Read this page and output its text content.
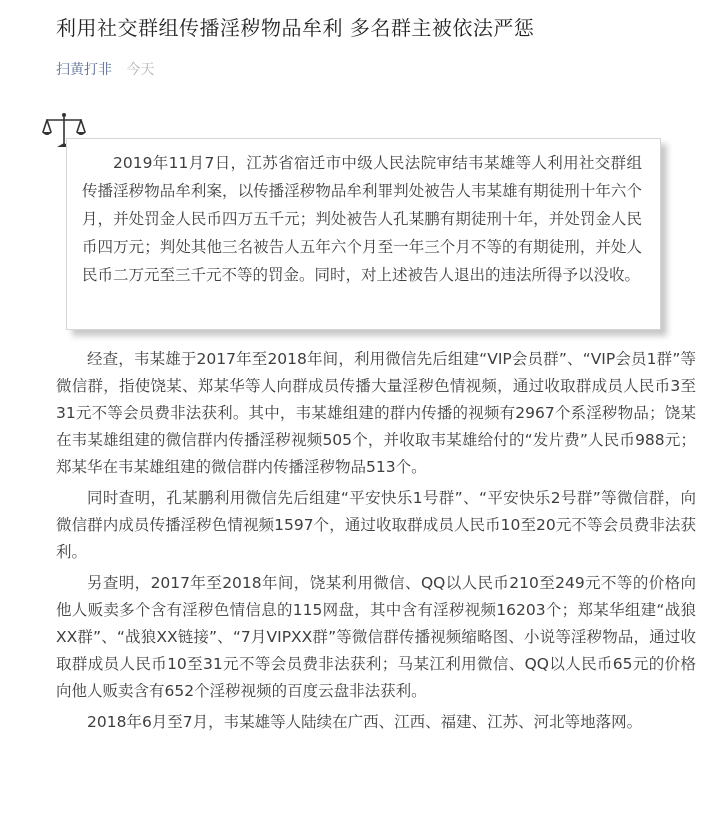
利用社交群组传播淫秽物品牟利 多名群主被依法严惩
扫黄打非 今天

2019年11月7日，江苏省宿迁市中级人民法院审结韦某雄等人利用社交群组传播淫秽物品牟利案，以传播淫秽物品牟利罪判处被告人韦某雄有期徒刑十年六个月，并处罚金人民币四万五千元；判处被告人孔某鹏有期徒刑十年，并处罚金人民币四万元；判处其他三名被告人五年六个月至一年三个月不等的有期徒刑，并处人民币二万元至三千元不等的罚金。同时，对上述被告人退出的违法所得予以没收。

经查，韦某雄于2017年至2018年间，利用微信先后组建“VIP会员群”、“VIP会员1群”等微信群，指使饶某、郑某华等人向群成员传播大量淫秽色情视频，通过收取群成员人民币3至31元不等会员费非法获利。其中，韦某雄组建的群内传播的视频有2967个系淫秽物品；饶某在韦某雄组建的微信群内传播淫秽视频505个，并收取韦某雄给付的“发片费”人民币988元；郑某华在韦某雄组建的微信群内传播淫秽物品513个。

同时查明，孔某鹏利用微信先后组建“平安快乐1号群”、“平安快乐2号群”等微信群，向微信群内成员传播淫秽色情视频1597个，通过收取群成员人民币10至20元不等会员费非法获利。

另查明，2017年至2018年间，饶某利用微信、QQ以人民币210至249元不等的价格向他人贩卖多个含有淫秽色情信息的115网盘，其中含有淫秽视频16203个；郑某华组建“战狼XX群”、“战狼XX链接”、“7月VIPXX群”等微信群传播视频缩略图、小说等淫秽物品，通过收取群成员人民币10至31元不等会员费非法获利；马某江利用微信、QQ以人民币65元的价格向他人贩卖含有652个淫秽视频的百度云盘非法获利。

2018年6月至7月，韦某雄等人陆续在广西、江西、福建、江苏、河北等地落网。
